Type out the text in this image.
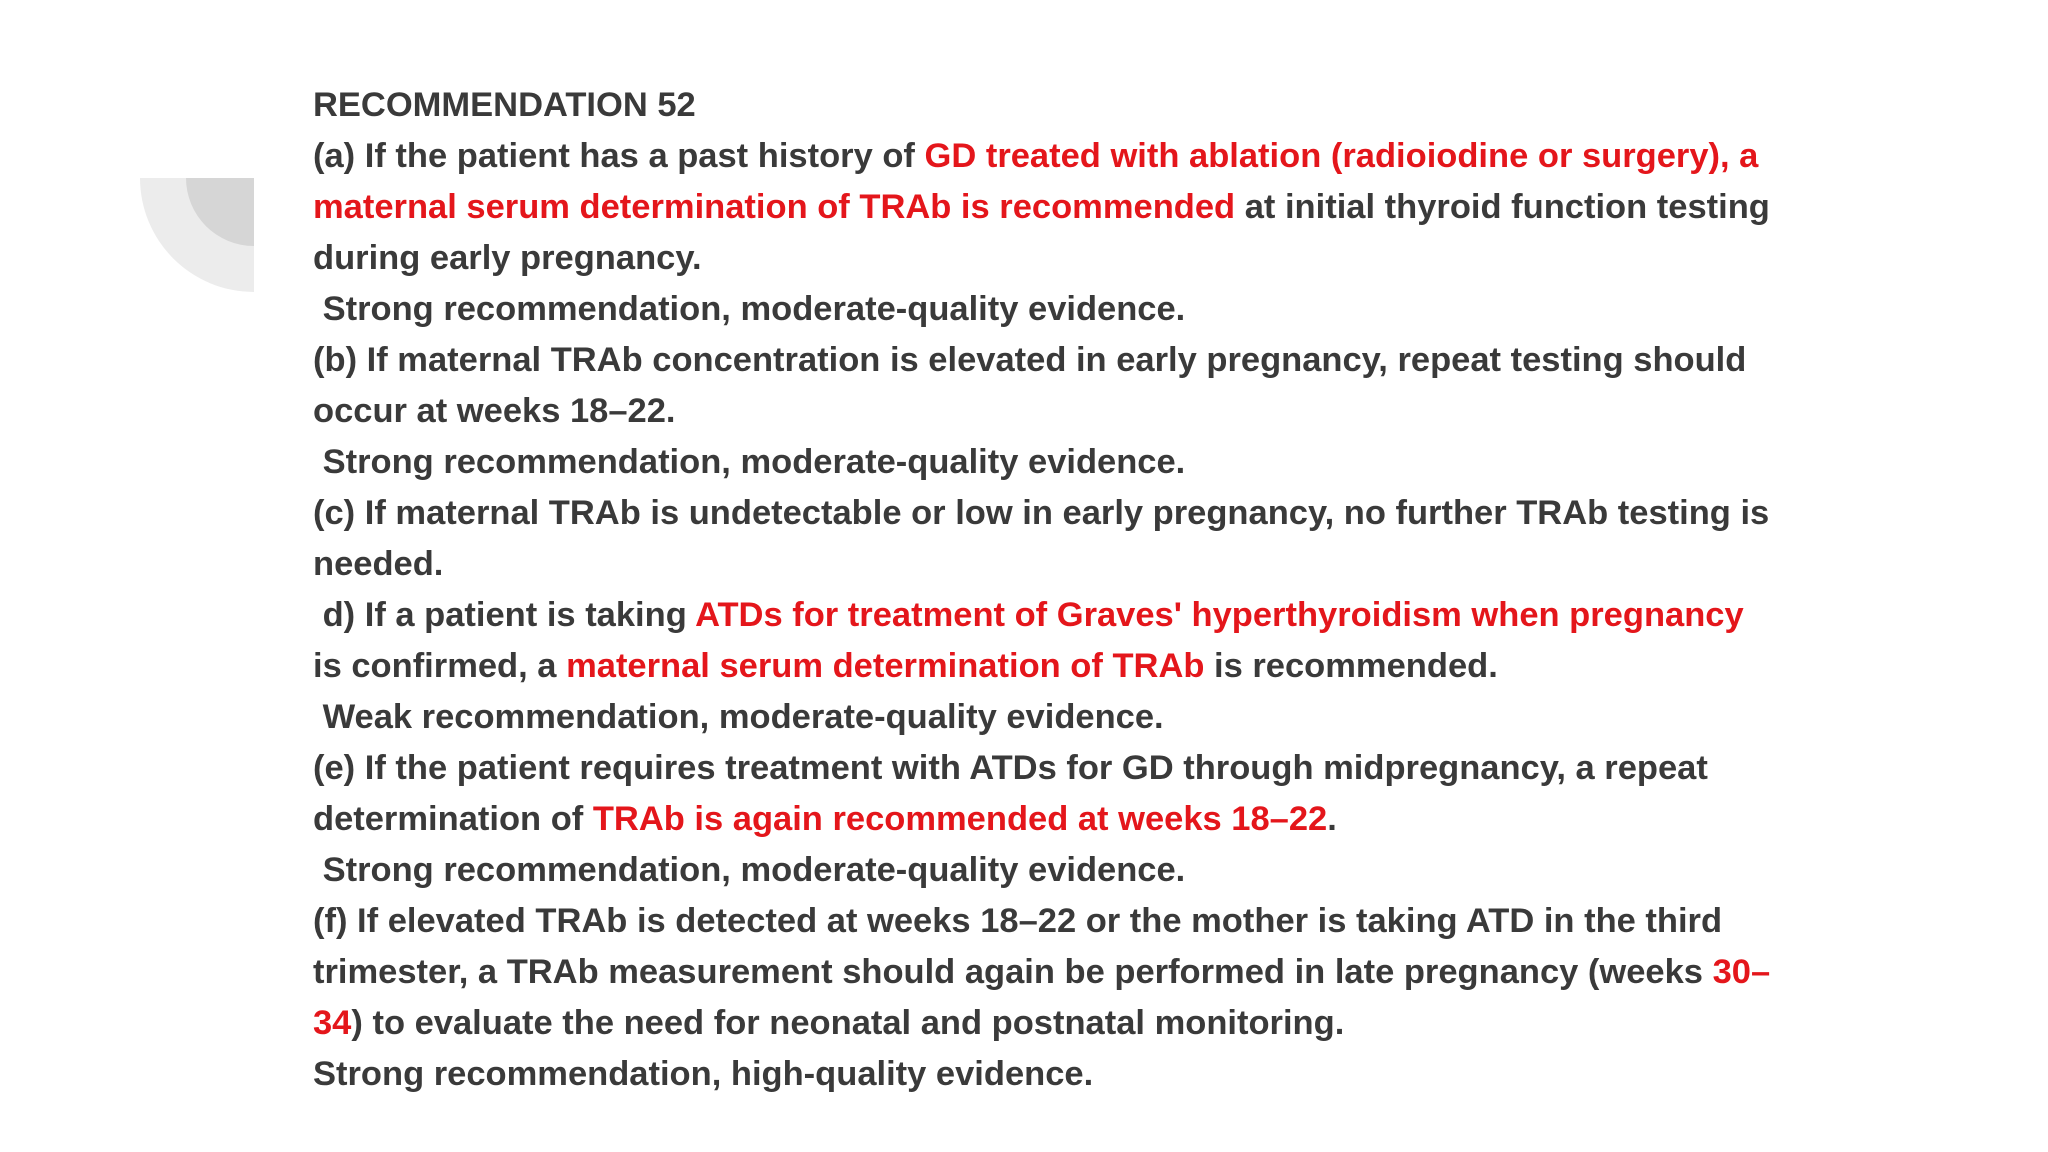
RECOMMENDATION 52
(a) If the patient has a past history of GD treated with ablation (radioiodine or surgery), a
maternal serum determination of TRAb is recommended at initial thyroid function testing
during early pregnancy.
Strong recommendation, moderate-quality evidence.
(b) If maternal TRAb concentration is elevated in early pregnancy, repeat testing should
occur at weeks 18–22.
Strong recommendation, moderate-quality evidence.
(c) If maternal TRAb is undetectable or low in early pregnancy, no further TRAb testing is
needed.
d) If a patient is taking ATDs for treatment of Graves' hyperthyroidism when pregnancy
is confirmed, a maternal serum determination of TRAb is recommended.
Weak recommendation, moderate-quality evidence.
(e) If the patient requires treatment with ATDs for GD through midpregnancy, a repeat
determination of TRAb is again recommended at weeks 18–22.
Strong recommendation, moderate-quality evidence.
(f) If elevated TRAb is detected at weeks 18–22 or the mother is taking ATD in the third
trimester, a TRAb measurement should again be performed in late pregnancy (weeks 30–
34) to evaluate the need for neonatal and postnatal monitoring.
Strong recommendation, high-quality evidence.
